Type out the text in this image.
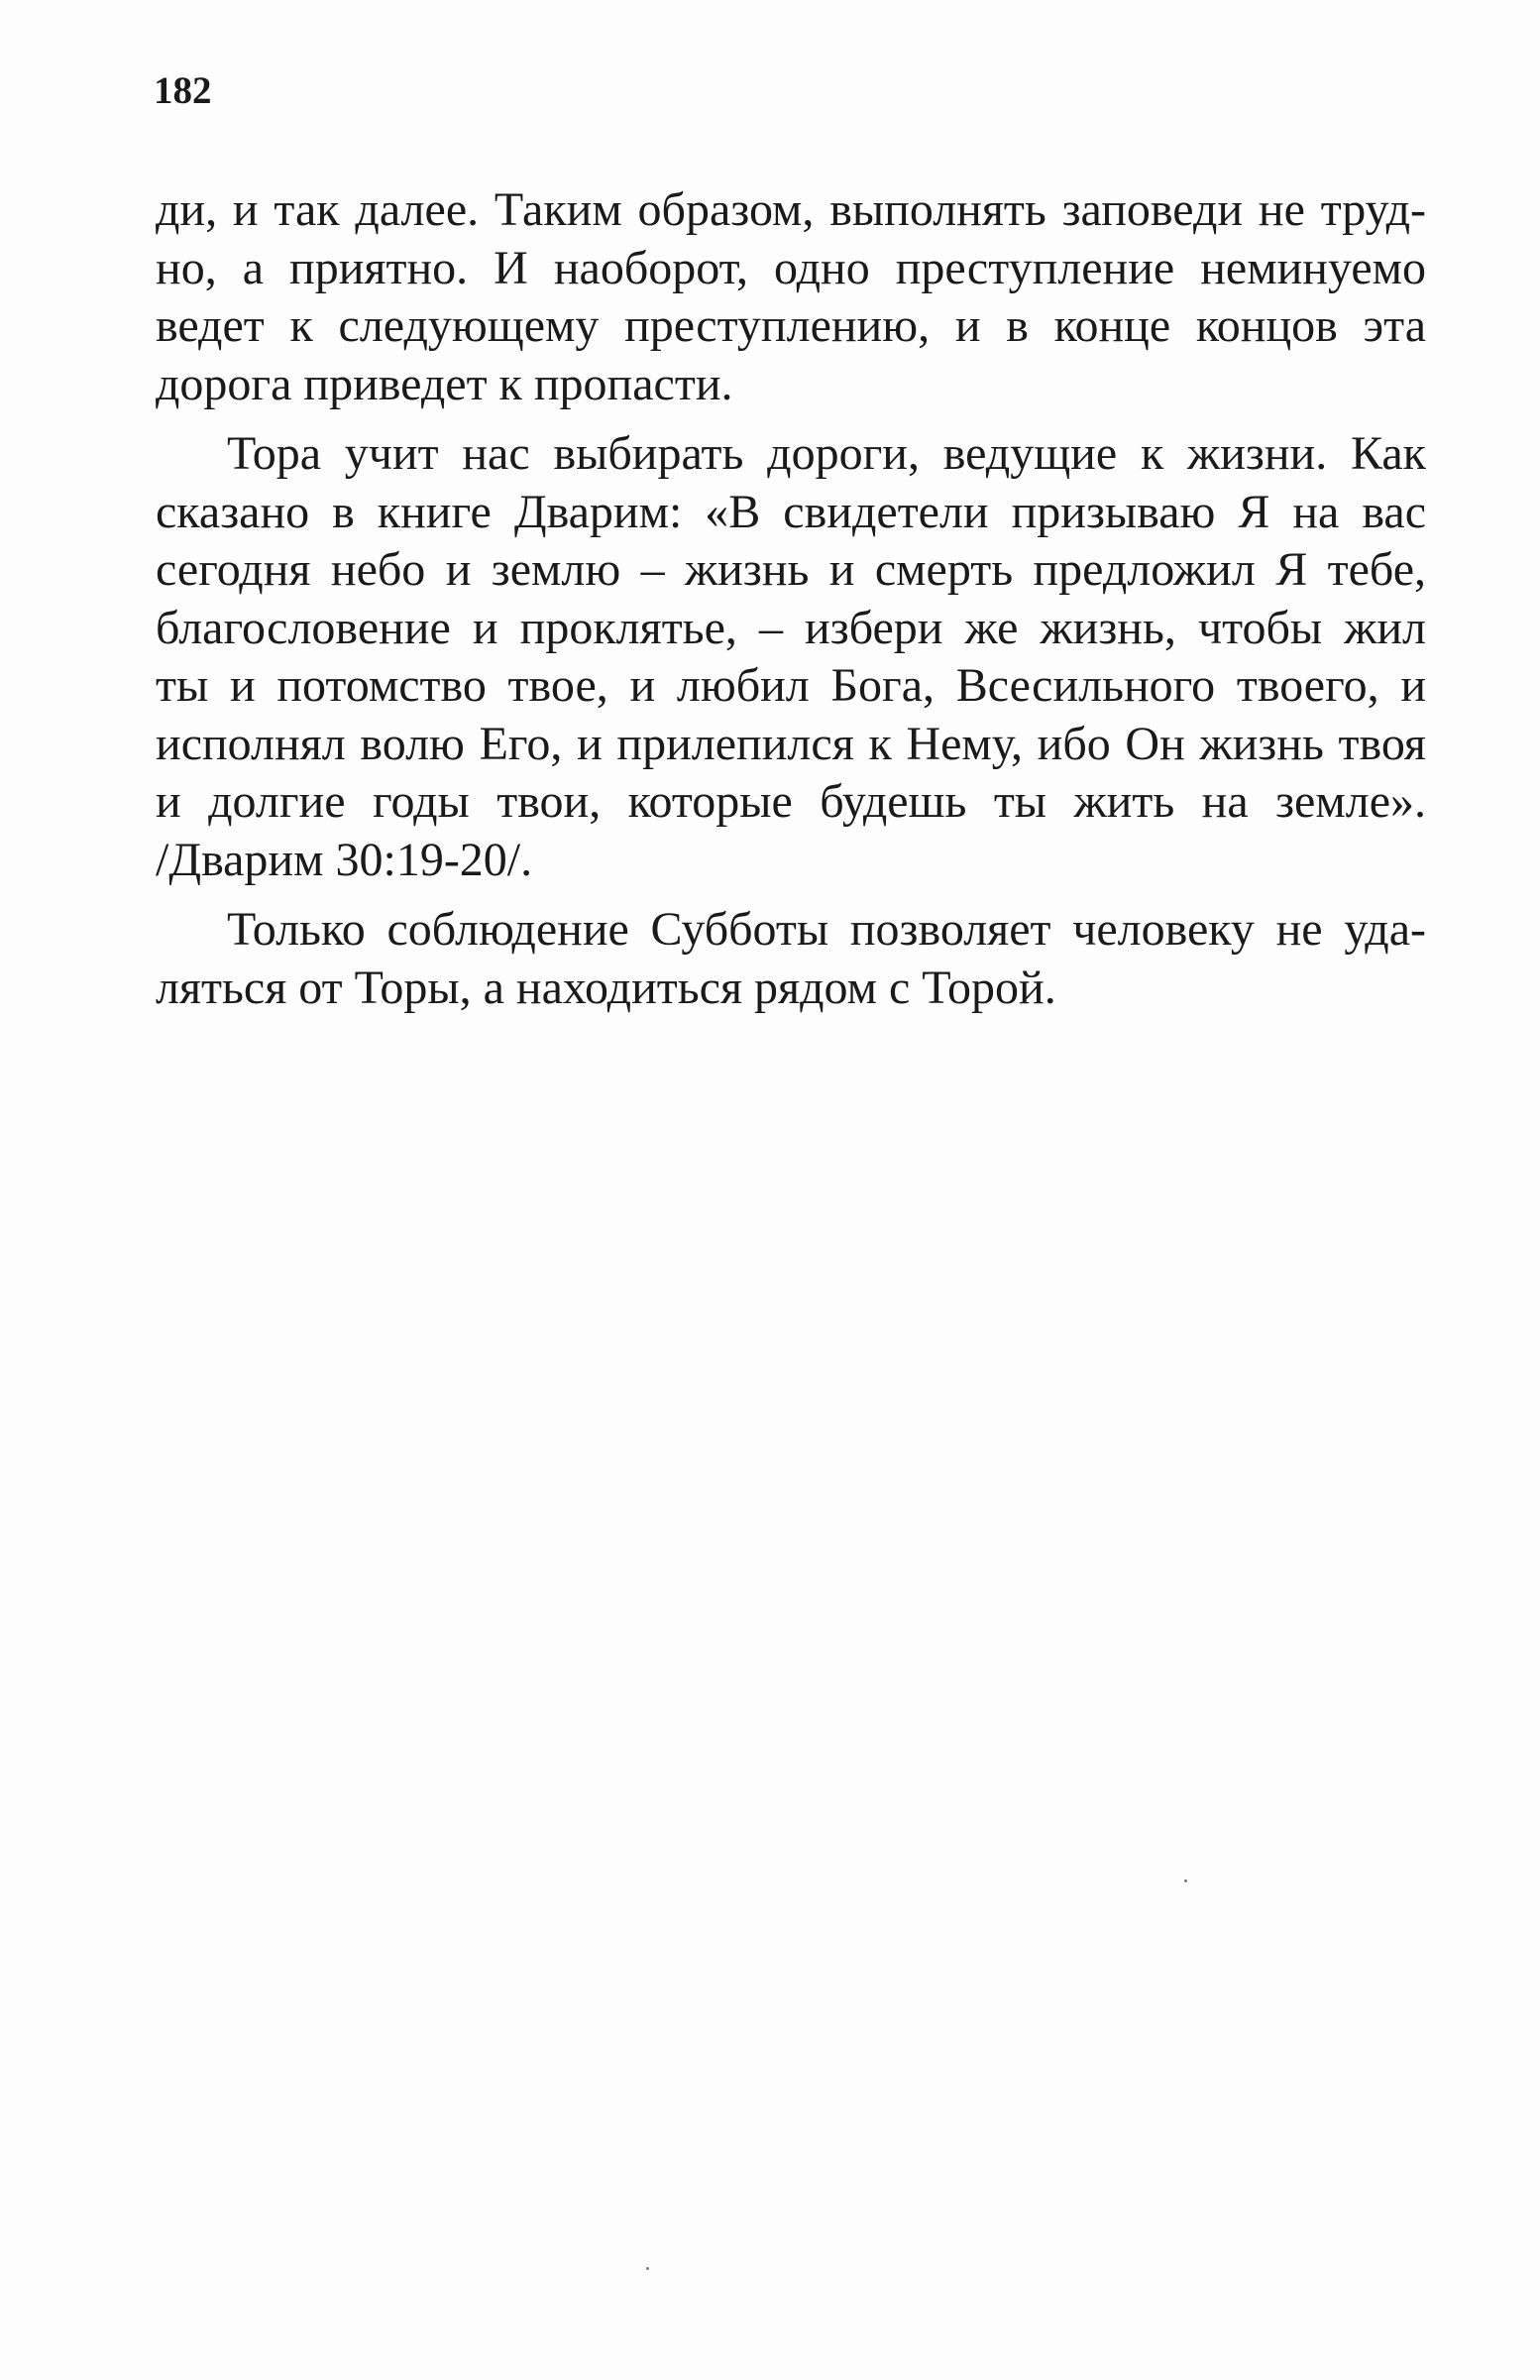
182

ди, и так далее. Таким образом, выполнять заповеди не труд-
но, а приятно. И наоборот, одно преступление неминуемо
ведет к следующему преступлению, и в конце концов эта
дорога приведет к пропасти.
Тора учит нас выбирать дороги, ведущие к жизни. Как
сказано в книге Дварим: «В свидетели призываю Я на вас
сегодня небо и землю – жизнь и смерть предложил Я тебе,
благословение и проклятье, – избери же жизнь, чтобы жил
ты и потомство твое, и любил Бога, Всесильного твоего, и
исполнял волю Его, и прилепился к Нему, ибо Он жизнь твоя
и долгие годы твои, которые будешь ты жить на земле».
/Дварим 30:19-20/.
Только соблюдение Субботы позволяет человеку не уда-
ляться от Торы, а находиться рядом с Торой.
